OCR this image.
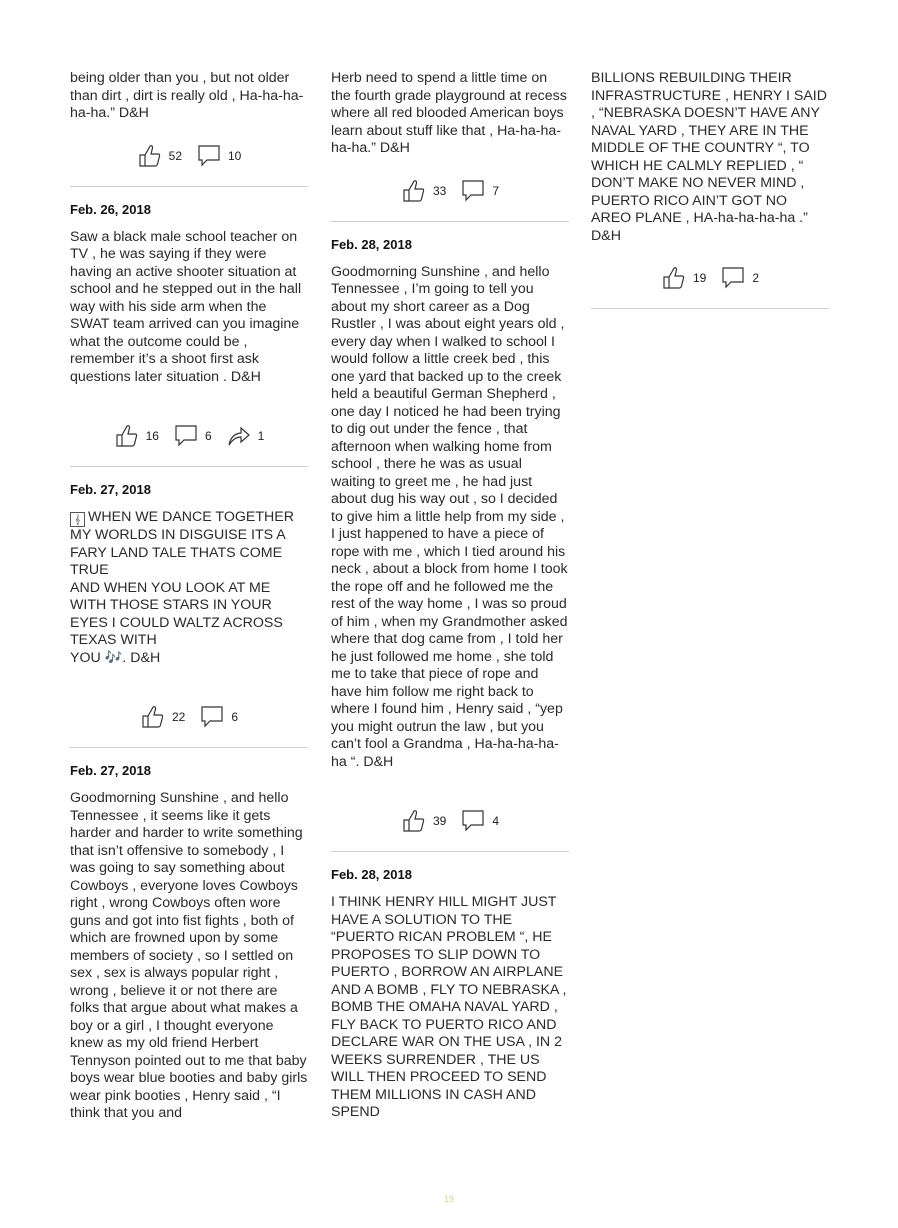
being older than you , but not older than dirt , dirt is really old , Ha-ha-ha-ha-ha.” D&H

52	10

Feb. 26, 2018

Saw a black male school teacher on TV , he was saying if they were having an active shooter situation at school and he stepped out in the hall way with his side arm when the SWAT team arrived can you imagine what the outcome could be , remember it’s a shoot first ask questions later situation . D&H

16	6	1

Feb. 27, 2018

𝄞 WHEN WE DANCE TOGETHER MY WORLDS IN DISGUISE ITS A FARY LAND TALE THATS COME TRUE
AND WHEN YOU LOOK AT ME WITH THOSE STARS IN YOUR EYES I COULD WALTZ ACROSS TEXAS WITH
YOU 🎶. D&H

22	6

Feb. 27, 2018

Goodmorning Sunshine , and hello Tennessee , it seems like it gets harder and harder to write something that isn’t offensive to somebody , I was going to say something about Cowboys , everyone loves Cowboys right , wrong Cowboys often wore guns and got into fist fights , both of which are frowned upon by some members of society , so I settled on sex , sex is always popular right , wrong , believe it or not there are folks that argue about what makes a boy or a girl , I thought everyone knew as my old friend Herbert Tennyson pointed out to me that baby boys wear blue booties and baby girls wear pink booties , Henry said , “I think that you and

Herb need to spend a little time on the fourth grade playground at recess where all red blooded American boys learn about stuff like that , Ha-ha-ha-ha-ha.” D&H

33	7

Feb. 28, 2018

Goodmorning Sunshine , and hello Tennessee , I’m going to tell you about my short career as a Dog Rustler , I was about eight years old , every day when I walked to school I would follow a little creek bed , this one yard that backed up to the creek held a beautiful German Shepherd , one day I noticed he had been trying to dig out under the fence , that afternoon when walking home from school , there he was as usual waiting to greet me , he had just about dug his way out , so I decided to give him a little help from my side , I just happened to have a piece of rope with me , which I tied around his neck , about a block from home I took the rope off and he followed me the rest of the way home , I was so proud of him , when my Grandmother asked where that dog came from , I told her he just followed me home , she told me to take that piece of rope and have him follow me right back to where I found him , Henry said , “yep you might outrun the law , but you can’t fool a Grandma , Ha-ha-ha-ha-ha “. D&H

39	4

Feb. 28, 2018

I THINK HENRY HILL MIGHT JUST HAVE A SOLUTION TO THE “PUERTO RICAN PROBLEM “, HE PROPOSES TO SLIP DOWN TO PUERTO , BORROW AN AIRPLANE AND A BOMB , FLY TO NEBRASKA , BOMB THE OMAHA NAVAL YARD , FLY BACK TO PUERTO RICO AND DECLARE WAR ON THE USA , IN 2 WEEKS SURRENDER , THE US WILL THEN PROCEED TO SEND THEM MILLIONS IN CASH AND SPEND

BILLIONS REBUILDING THEIR INFRASTRUCTURE , HENRY I SAID , “NEBRASKA DOESN’T HAVE ANY NAVAL YARD , THEY ARE IN THE MIDDLE OF THE COUNTRY “, TO WHICH HE CALMLY REPLIED , “ DON’T MAKE NO NEVER MIND , PUERTO RICO AIN’T GOT NO AREO PLANE , HA-ha-ha-ha-ha .” D&H

19	2
19
